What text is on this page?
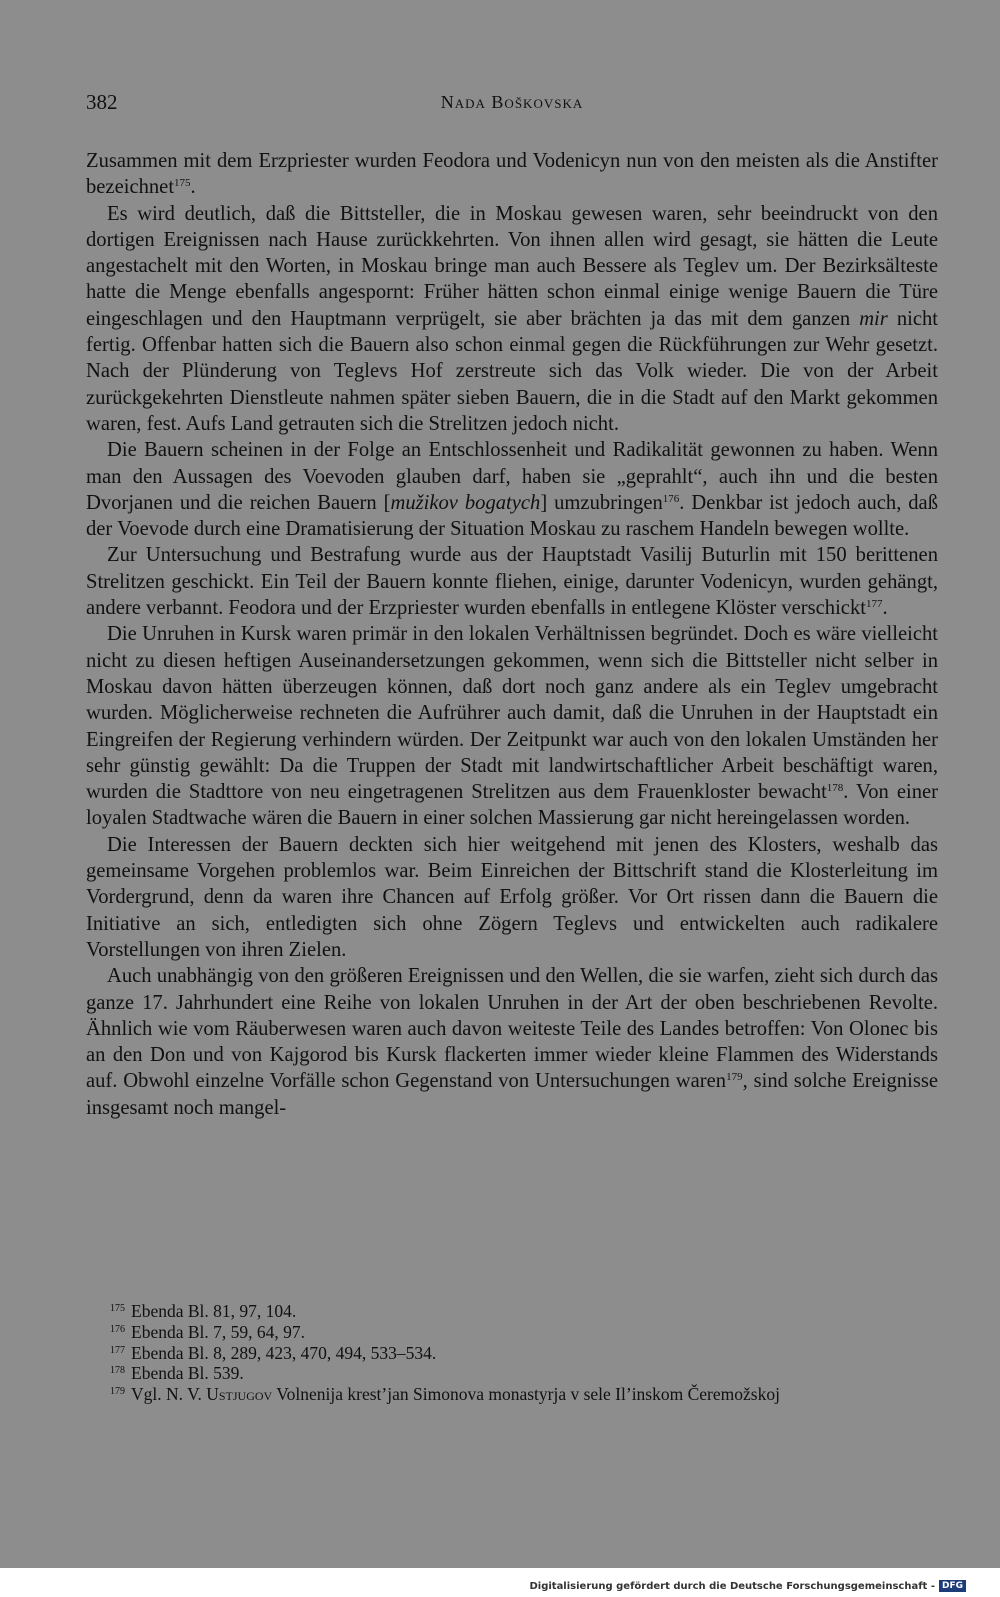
382	Nada Boškovska

Zusammen mit dem Erzpriester wurden Feodora und Vodenicyn nun von den meisten als die Anstifter bezeichnet$^{175}$.

Es wird deutlich, daß die Bittsteller, die in Moskau gewesen waren, sehr beeindruckt von den dortigen Ereignissen nach Hause zurückkehrten. Von ihnen allen wird gesagt, sie hätten die Leute angestachelt mit den Worten, in Moskau bringe man auch Bessere als Teglev um. Der Bezirksälteste hatte die Menge ebenfalls angespornt: Früher hätten schon einmal einige wenige Bauern die Türe eingeschlagen und den Hauptmann verprügelt, sie aber brächten ja das mit dem ganzen mir nicht fertig. Offenbar hatten sich die Bauern also schon einmal gegen die Rückführungen zur Wehr gesetzt. Nach der Plünderung von Teglevs Hof zerstreute sich das Volk wieder. Die von der Arbeit zurückgekehrten Dienstleute nahmen später sieben Bauern, die in die Stadt auf den Markt gekommen waren, fest. Aufs Land getrauten sich die Strelitzen jedoch nicht.

Die Bauern scheinen in der Folge an Entschlossenheit und Radikalität gewonnen zu haben. Wenn man den Aussagen des Voevoden glauben darf, haben sie „geprahlt“, auch ihn und die besten Dvorjanen und die reichen Bauern [mužikov bogatych] umzubringen$^{176}$. Denkbar ist jedoch auch, daß der Voevode durch eine Dramatisierung der Situation Moskau zu raschem Handeln bewegen wollte.

Zur Untersuchung und Bestrafung wurde aus der Hauptstadt Vasilij Buturlin mit 150 berittenen Strelitzen geschickt. Ein Teil der Bauern konnte fliehen, einige, darunter Vodenicyn, wurden gehängt, andere verbannt. Feodora und der Erzpriester wurden ebenfalls in entlegene Klöster verschickt$^{177}$.

Die Unruhen in Kursk waren primär in den lokalen Verhältnissen begründet. Doch es wäre vielleicht nicht zu diesen heftigen Auseinandersetzungen gekommen, wenn sich die Bittsteller nicht selber in Moskau davon hätten überzeugen können, daß dort noch ganz andere als ein Teglev umgebracht wurden. Möglicherweise rechneten die Aufrührer auch damit, daß die Unruhen in der Hauptstadt ein Eingreifen der Regierung verhindern würden. Der Zeitpunkt war auch von den lokalen Umständen her sehr günstig gewählt: Da die Truppen der Stadt mit landwirtschaftlicher Arbeit beschäftigt waren, wurden die Stadttore von neu eingetragenen Strelitzen aus dem Frauenkloster bewacht$^{178}$. Von einer loyalen Stadtwache wären die Bauern in einer solchen Massierung gar nicht hereingelassen worden.

Die Interessen der Bauern deckten sich hier weitgehend mit jenen des Klosters, weshalb das gemeinsame Vorgehen problemlos war. Beim Einreichen der Bittschrift stand die Klosterleitung im Vordergrund, denn da waren ihre Chancen auf Erfolg größer. Vor Ort rissen dann die Bauern die Initiative an sich, entledigten sich ohne Zögern Teglevs und entwickelten auch radikalere Vorstellungen von ihren Zielen.

Auch unabhängig von den größeren Ereignissen und den Wellen, die sie warfen, zieht sich durch das ganze 17. Jahrhundert eine Reihe von lokalen Unruhen in der Art der oben beschriebenen Revolte. Ähnlich wie vom Räuberwesen waren auch davon weiteste Teile des Landes betroffen: Von Olonec bis an den Don und von Kajgorod bis Kursk flackerten immer wieder kleine Flammen des Widerstands auf. Obwohl einzelne Vorfälle schon Gegenstand von Untersuchungen waren$^{179}$, sind solche Ereignisse insgesamt noch mangel-

$^{175}$ Ebenda Bl. 81, 97, 104.
$^{176}$ Ebenda Bl. 7, 59, 64, 97.
$^{177}$ Ebenda Bl. 8, 289, 423, 470, 494, 533–534.
$^{178}$ Ebenda Bl. 539.
$^{179}$ Vgl. N. V. Ustjugov Volnenija krest’jan Simonova monastyrja v sele Il’inskom Čeremožskoj
Digitalisierung gefördert durch die Deutsche Forschungsgemeinschaft - DFG
